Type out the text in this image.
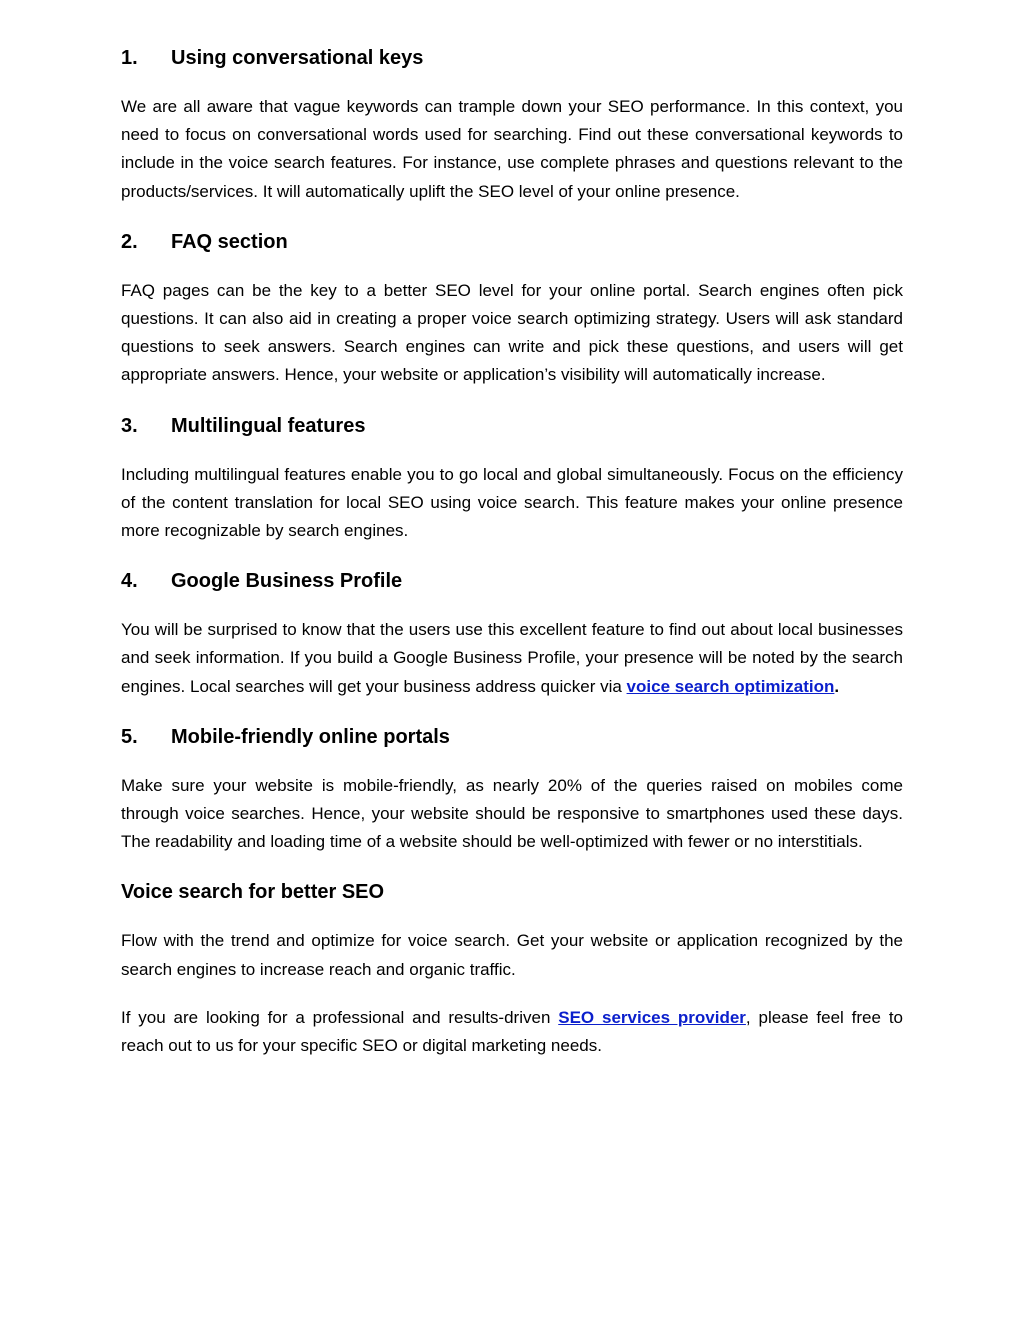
1.	Using conversational keys

We are all aware that vague keywords can trample down your SEO performance. In this context, you need to focus on conversational words used for searching. Find out these conversational keywords to include in the voice search features. For instance, use complete phrases and questions relevant to the products/services. It will automatically uplift the SEO level of your online presence.

2.	FAQ section

FAQ pages can be the key to a better SEO level for your online portal. Search engines often pick questions. It can also aid in creating a proper voice search optimizing strategy. Users will ask standard questions to seek answers. Search engines can write and pick these questions, and users will get appropriate answers. Hence, your website or application’s visibility will automatically increase.

3.	Multilingual features

Including multilingual features enable you to go local and global simultaneously. Focus on the efficiency of the content translation for local SEO using voice search. This feature makes your online presence more recognizable by search engines.

4.	Google Business Profile

You will be surprised to know that the users use this excellent feature to find out about local businesses and seek information. If you build a Google Business Profile, your presence will be noted by the search engines. Local searches will get your business address quicker via voice search optimization.

5.	Mobile-friendly online portals

Make sure your website is mobile-friendly, as nearly 20% of the queries raised on mobiles come through voice searches. Hence, your website should be responsive to smartphones used these days. The readability and loading time of a website should be well-optimized with fewer or no interstitials.

Voice search for better SEO

Flow with the trend and optimize for voice search. Get your website or application recognized by the search engines to increase reach and organic traffic.

If you are looking for a professional and results-driven SEO services provider, please feel free to reach out to us for your specific SEO or digital marketing needs.
